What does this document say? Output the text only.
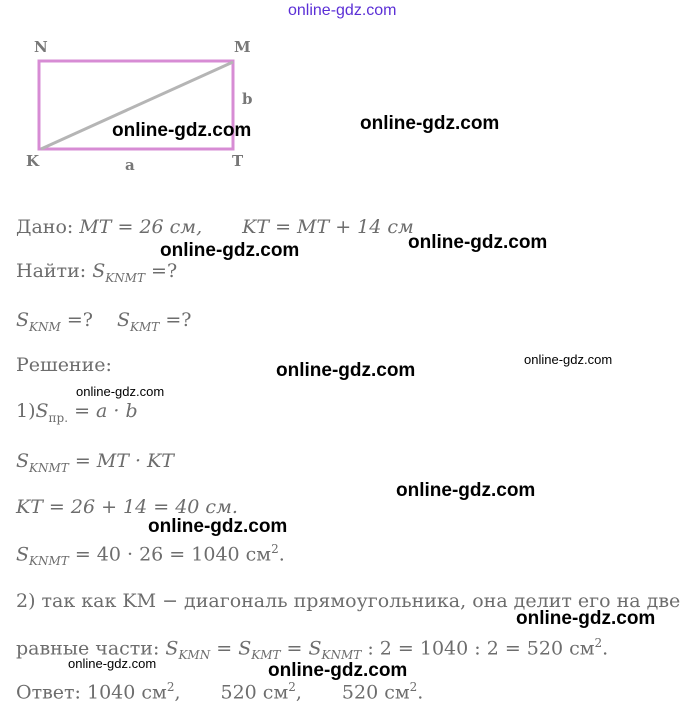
online-gdz.com
N	M
K	T
a
b
Дано: MT = 26 см, KT = MT + 14 см
Найти: $S_{KNMT}$ =?
$S_{KNM}$ =? $S_{KMT}$ =?
Решение:
$1)S_{пр.} = a \cdot b$
$S_{KNMT}$ = MT · KT
KT = 26 + 14 = 40 см.
$S_{KNMT} = 40 \cdot 26 = 1040$ $см^2$.
2) так как KM − диагональ прямоугольника, она делит его на две
равные части: $S_{KMN} = S_{KMT} = S_{KNMT}$ : 2 = 1040 : 2 = 520 $см^2$.
Ответ: 1040 $см^2$, 520 $см^2$, 520 $см^2$.
online-gdz.com	online-gdz.com
online-gdz.com	online-gdz.com
online-gdz.com
online-gdz.com
online-gdz.com
online-gdz.com
online-gdz.com
online-gdz.com
online-gdz.com	online-gdz.com
